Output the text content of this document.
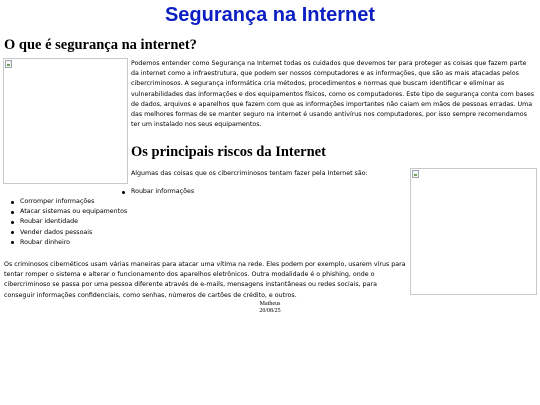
Segurança na Internet
O que é segurança na internet?

Podemos entender como Segurança na Internet todas os cuidados que devemos ter para proteger as coisas que fazem parte da internet como a infraestrutura, que podem ser nossos computadores e as informações, que são as mais atacadas pelos cibercriminosos. A segurança informática cria métodos, procedimentos e normas que buscam identificar e eliminar as vulnerabilidades das informações e dos equipamentos físicos, como os computadores. Este tipo de segurança conta com bases de dados, arquivos e aparelhos que fazem com que as informações importantes não caiam em mãos de pessoas erradas. Uma das melhores formas de se manter seguro na internet é usando antivírus nos computadores, por isso sempre recomendamos ter um instalado nos seus equipamentos.

Os principais riscos da Internet

Algumas das coisas que os cibercriminosos tentam fazer pela Internet são:

Roubar informações
Corromper informações
Atacar sistemas ou equipamentos
Roubar identidade
Vender dados pessoais
Roubar dinheiro

Os criminosos cibernéticos usam várias maneiras para atacar uma vítima na rede. Eles podem por exemplo, usarem vírus para tentar romper o sistema e alterar o funcionamento dos aparelhos eletrônicos. Outra modalidade é o phishing, onde o cibercriminoso se passa por uma pessoa diferente através de e-mails, mensagens instantâneas ou redes sociais, para conseguir informações confidenciais, como senhas, números de cartões de crédito, e outros.

Matheus

20/08/25
